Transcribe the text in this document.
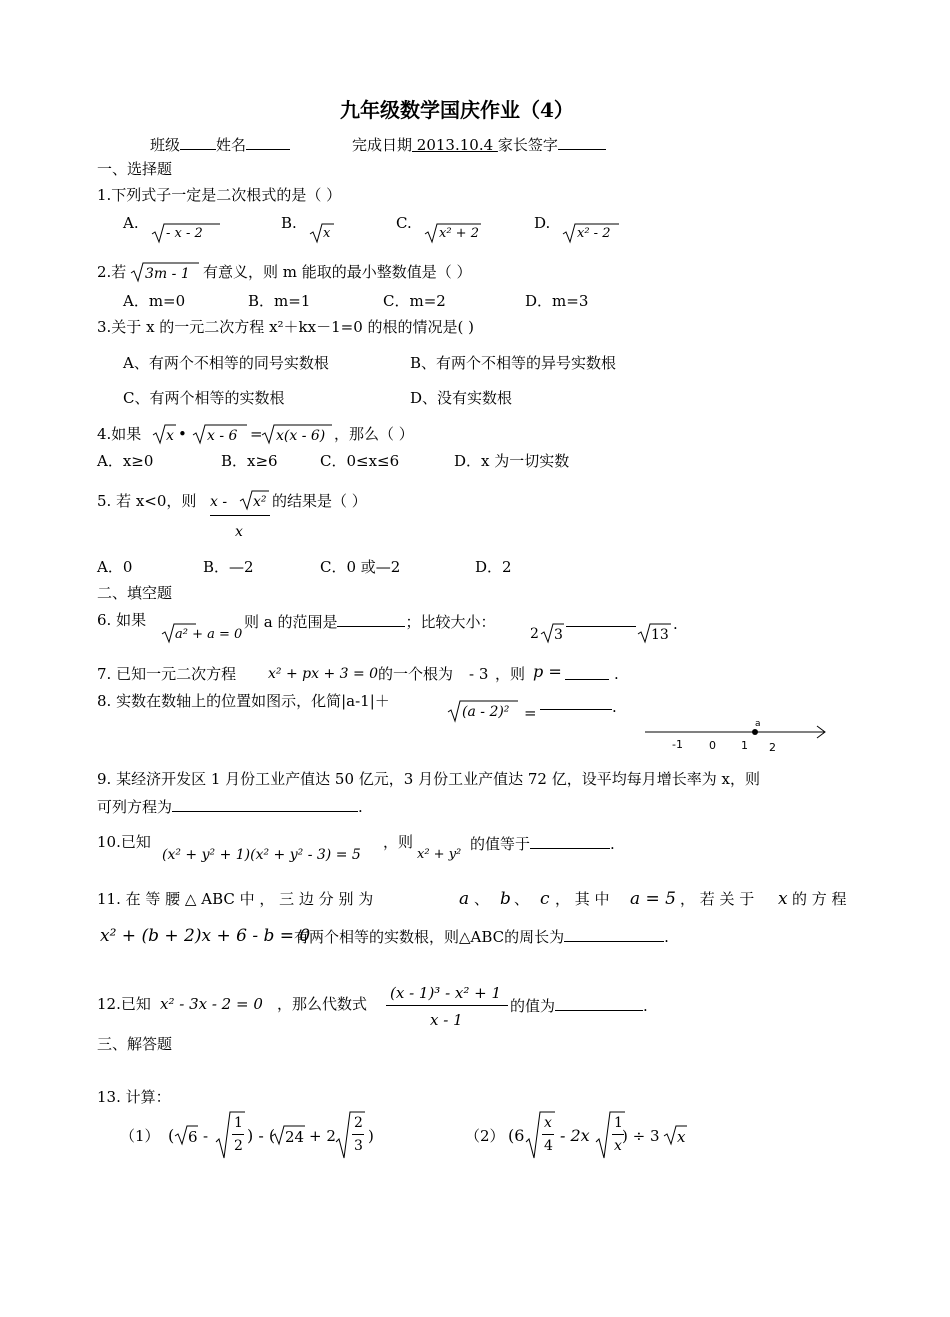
九年级数学国庆作业（4）
班级 姓名	完成日期 2013.10.4 家长签字
一、选择题
1.下列式子一定是二次根式的是（ ）
A.
- x - 2
B.
x
C.
x² + 2
D.
x² - 2
2.若 3m - 1 有意义，则 m 能取的最小整数值是（ ）
A．m=0	B．m=1	C．m=2	D．m=3
3.关于 x 的一元二次方程 x²＋kx－1=0 的根的情况是( )
A、有两个不相等的同号实数根	B、有两个不相等的异号实数根
C、有两个相等的实数根	D、没有实数根
4.如果 x • x - 6 = x(x - 6) ，那么（ ）
A．x≥0	B．x≥6	C．0≤x≤6	D．x 为一切实数
5. 若 x<0，则 x - x²
x
的结果是（ ）
A．0	B．—2	C．0 或—2	D．2
二、填空题
6. 如果
a² + a = 0
则 a 的范围是	；比较大小：
2 3	13
.
7. 已知一元二次方程 x² + px + 3 = 0 的一个根为 - 3 ，则 p =	.
8. 实数在数轴上的位置如图示，化简|a-1|＋
(a - 2)² =	.
-1 0 1 2
a
9. 某经济开发区 1 月份工业产值达 50 亿元，3 月份工业产值达 72 亿，设平均每月增长率为 x，则
可列方程为	.
10.已知
(x² + y² + 1)(x² + y² - 3) = 5
，则
x² + y²
的值等于	.
11. 在 等 腰 △ ABC 中 ， 三 边 分 别 为	a 、 b 、 c ， 其 中 a = 5 ， 若 关 于 x 的 方 程
x² + (b + 2)x + 6 - b = 0
有两个相等的实数根，则△ABC的周长为	.
12.已知 x² - 3x - 2 = 0 ，那么代数式
(x - 1)³ - x² + 1
x - 1
的值为	.
三、解答题
13. 计算：
（1） ( 6 -
1
2
) - ( 24 + 2
2
3
)	（2） (6
x
4
- 2x
1
x
) ÷ 3 x
